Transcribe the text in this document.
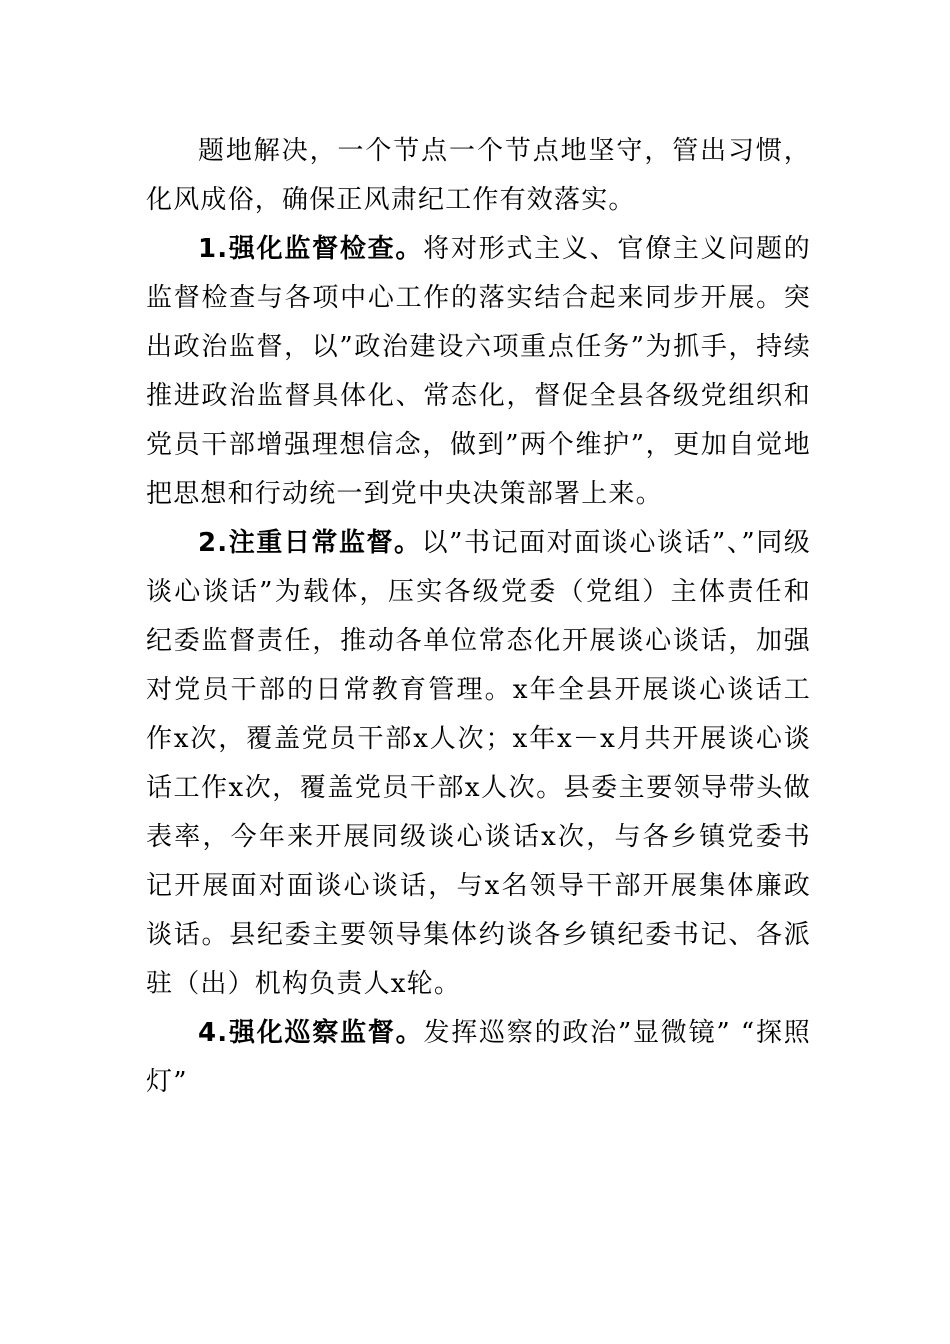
题地解决，一个节点一个节点地坚守，管出习惯，化风成俗，确保正风肃纪工作有效落实。

1.强化监督检查。将对形式主义、官僚主义问题的监督检查与各项中心工作的落实结合起来同步开展。突出政治监督，以”政治建设六项重点任务”为抓手，持续推进政治监督具体化、常态化，督促全县各级党组织和党员干部增强理想信念，做到”两个维护”，更加自觉地把思想和行动统一到党中央决策部署上来。

2.注重日常监督。以”书记面对面谈心谈话”、”同级谈心谈话”为载体，压实各级党委（党组）主体责任和纪委监督责任，推动各单位常态化开展谈心谈话，加强对党员干部的日常教育管理。x年全县开展谈心谈话工作x次，覆盖党员干部x人次；x年x－x月共开展谈心谈话工作x次，覆盖党员干部x人次。县委主要领导带头做表率，今年来开展同级谈心谈话x次，与各乡镇党委书记开展面对面谈心谈话，与x名领导干部开展集体廉政谈话。县纪委主要领导集体约谈各乡镇纪委书记、各派驻（出）机构负责人x轮。

4.强化巡察监督。发挥巡察的政治”显微镜” “探照灯”
